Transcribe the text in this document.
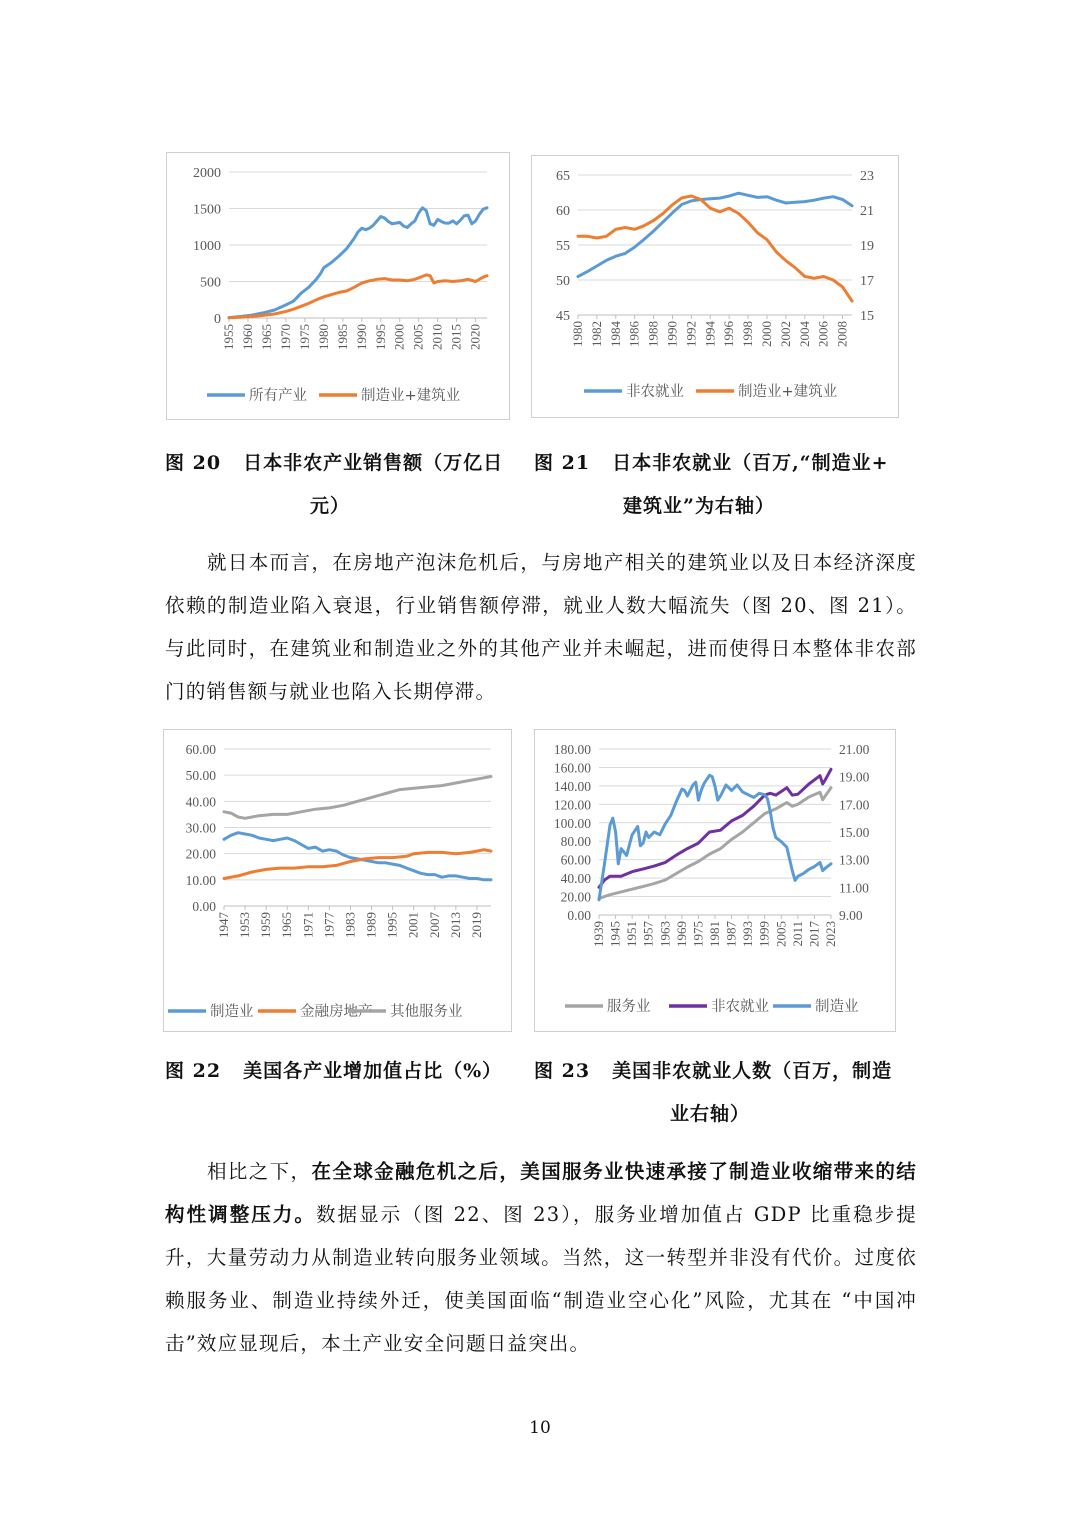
2000
1500
1000
500
0
1955 1960 1965 1970 1975 1980 1985 1990 1995 2000 2005 2010 2015 2020
所有产业	制造业+建筑业
65
60
55
50
45
23
21
19
17
15
1980 1982 1984 1986 1988 1990 1992 1994 1996 1998 2000 2002 2004 2006 2008
非农就业	制造业+建筑业
60.00
50.00
40.00
30.00
20.00
10.00
0.00
1947 1953 1959 1965 1971 1977 1983 1989 1995 2001 2007 2013 2019
制造业	金融房地产 其他服务业
180.00
160.00
140.00
120.00
100.00
80.00
60.00
40.00
20.00
0.00
21.00
19.00
17.00
15.00
13.00
11.00
9.00
1939 1945 1951 1957 1963 1969 1975 1981 1987 1993 1999 2005 2011 2017 2023
服务业	非农就业	制造业
图 20 日本非农产业销售额（万亿日
元）
图 21 日本非农就业（百万,“制造业+
建筑业”为右轴）

就日本而言，在房地产泡沫危机后，与房地产相关的建筑业以及日本经济深度依赖的制造业陷入衰退，行业销售额停滞，就业人数大幅流失（图 20、图 21）。与此同时，在建筑业和制造业之外的其他产业并未崛起，进而使得日本整体非农部门的销售额与就业也陷入长期停滞。

图 22 美国各产业增加值占比（%）	图 23 美国非农就业人数（百万，制造
业右轴）

相比之下，在全球金融危机之后，美国服务业快速承接了制造业收缩带来的结构性调整压力。数据显示（图 22、图 23），服务业增加值占 GDP 比重稳步提升，大量劳动力从制造业转向服务业领域。当然，这一转型并非没有代价。过度依赖服务业、制造业持续外迁，使美国面临“制造业空心化”风险，尤其在 “中国冲击”效应显现后，本土产业安全问题日益突出。

10
